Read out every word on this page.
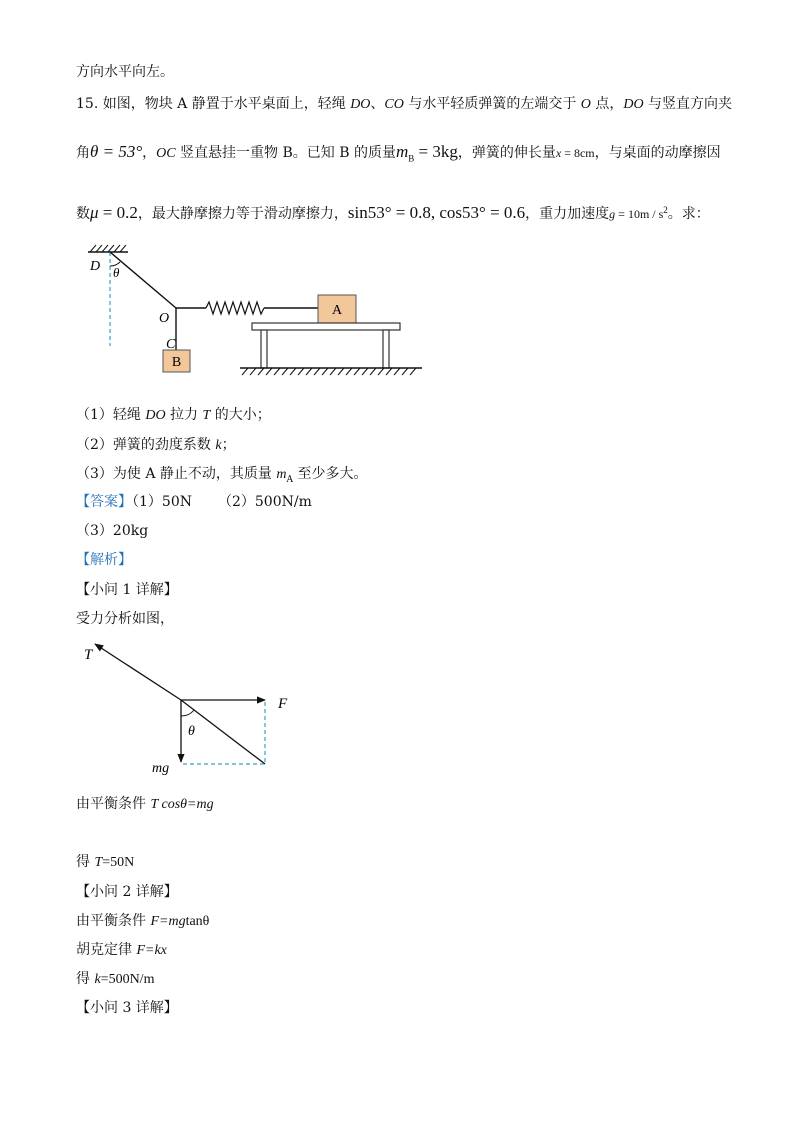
方向水平向左。
15. 如图，物块 A 静置于水平桌面上，轻绳 DO、CO 与水平轻质弹簧的左端交于 O 点，DO 与竖直方向夹
角θ = 53°，OC 竖直悬挂一重物 B。已知 B 的质量$m_B = 3kg$，弹簧的伸长量x = 8cm，与桌面的动摩擦因
数μ = 0.2，最大静摩擦力等于滑动摩擦力，sin53° = 0.8, cos53° = 0.6，重力加速度$g = 10m / s^2$。求：
D θ
O
C
B
A
（1）轻绳 DO 拉力 T 的大小；
（2）弹簧的劲度系数 k；
（3）为使 A 静止不动，其质量 $m_A$ 至少多大。
【答案】（1）50N （2）500N/m
（3）20kg
【解析】
【小问 1 详解】
受力分析如图，
T
F
θ
mg
由平衡条件 T cosθ=mg
得 T=50N
【小问 2 详解】
由平衡条件 F=mgtanθ
胡克定律 F=kx
得 k=500N/m
【小问 3 详解】
